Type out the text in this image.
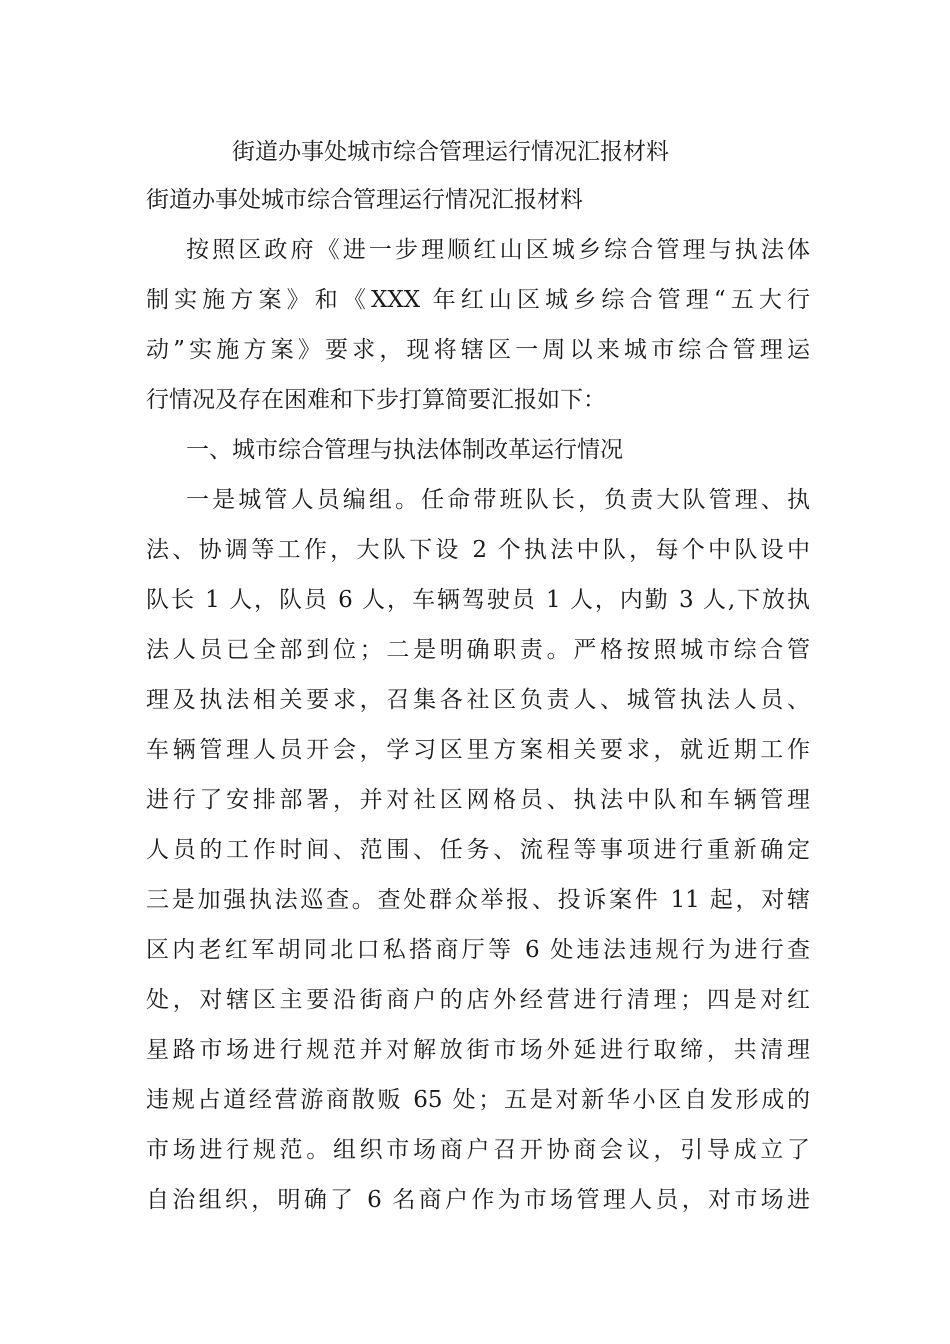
街道办事处城市综合管理运行情况汇报材料
街道办事处城市综合管理运行情况汇报材料
按照区政府《进一步理顺红山区城乡综合管理与执法体
制实施方案》和《XXX 年红山区城乡综合管理“五大行
动”实施方案》要求，现将辖区一周以来城市综合管理运
行情况及存在困难和下步打算简要汇报如下：
一、城市综合管理与执法体制改革运行情况
一是城管人员编组。任命带班队长，负责大队管理、执
法、协调等工作，大队下设 2 个执法中队，每个中队设中
队长 1 人，队员 6 人，车辆驾驶员 1 人，内勤 3 人,下放执
法人员已全部到位；二是明确职责。严格按照城市综合管
理及执法相关要求，召集各社区负责人、城管执法人员、
车辆管理人员开会，学习区里方案相关要求，就近期工作
进行了安排部署，并对社区网格员、执法中队和车辆管理
人员的工作时间、范围、任务、流程等事项进行重新确定
三是加强执法巡查。查处群众举报、投诉案件 11 起，对辖
区内老红军胡同北口私搭商厅等 6 处违法违规行为进行查
处，对辖区主要沿街商户的店外经营进行清理；四是对红
星路市场进行规范并对解放街市场外延进行取缔，共清理
违规占道经营游商散贩 65 处；五是对新华小区自发形成的
市场进行规范。组织市场商户召开协商会议，引导成立了
自治组织，明确了 6 名商户作为市场管理人员，对市场进
